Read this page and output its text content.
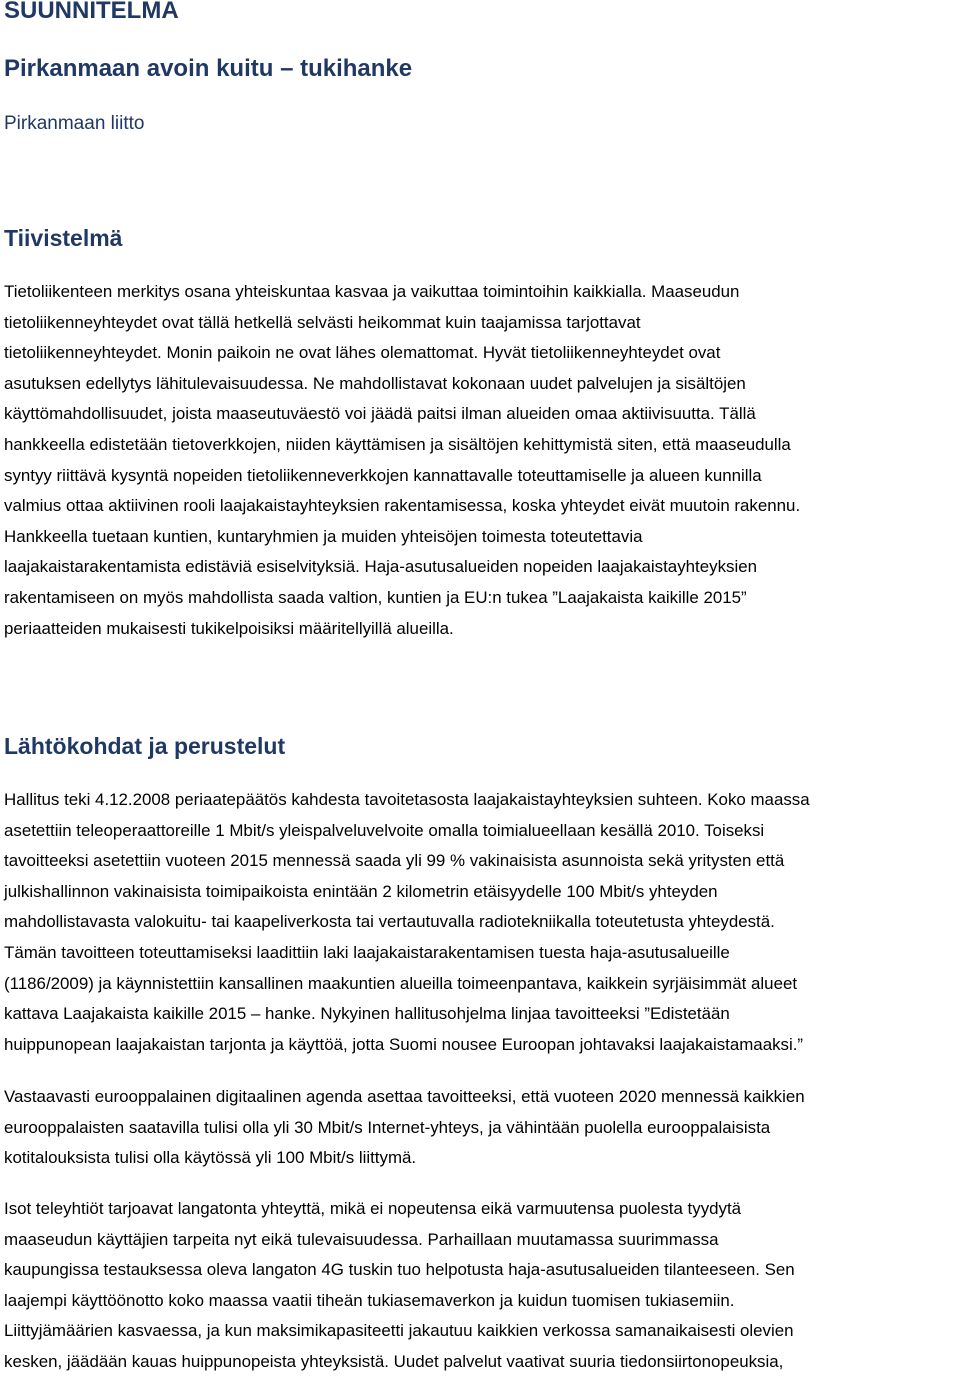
SUUNNITELMA
Pirkanmaan avoin kuitu – tukihanke
Pirkanmaan liitto
Tiivistelmä
Tietoliikenteen merkitys osana yhteiskuntaa kasvaa ja vaikuttaa toimintoihin kaikkialla. Maaseudun
tietoliikenneyhteydet ovat tällä hetkellä selvästi heikommat kuin taajamissa tarjottavat
tietoliikenneyhteydet. Monin paikoin ne ovat lähes olemattomat. Hyvät tietoliikenneyhteydet ovat
asutuksen edellytys lähitulevaisuudessa. Ne mahdollistavat kokonaan uudet palvelujen ja sisältöjen
käyttömahdollisuudet, joista maaseutuväestö voi jäädä paitsi ilman alueiden omaa aktiivisuutta. Tällä
hankkeella edistetään tietoverkkojen, niiden käyttämisen ja sisältöjen kehittymistä siten, että maaseudulla
syntyy riittävä kysyntä nopeiden tietoliikenneverkkojen kannattavalle toteuttamiselle ja alueen kunnilla
valmius ottaa aktiivinen rooli laajakaistayhteyksien rakentamisessa, koska yhteydet eivät muutoin rakennu.
Hankkeella tuetaan kuntien, kuntaryhmien ja muiden yhteisöjen toimesta toteutettavia
laajakaistarakentamista edistäviä esiselvityksiä. Haja-asutusalueiden nopeiden laajakaistayhteyksien
rakentamiseen on myös mahdollista saada valtion, kuntien ja EU:n tukea ”Laajakaista kaikille 2015”
periaatteiden mukaisesti tukikelpoisiksi määritellyillä alueilla.
Lähtökohdat ja perustelut
Hallitus teki 4.12.2008 periaatepäätös kahdesta tavoitetasosta laajakaistayhteyksien suhteen. Koko maassa
asetettiin teleoperaattoreille 1 Mbit/s yleispalveluvelvoite omalla toimialueellaan kesällä 2010. Toiseksi
tavoitteeksi asetettiin vuoteen 2015 mennessä saada yli 99 % vakinaisista asunnoista sekä yritysten että
julkishallinnon vakinaisista toimipaikoista enintään 2 kilometrin etäisyydelle 100 Mbit/s yhteyden
mahdollistavasta valokuitu- tai kaapeliverkosta tai vertautuvalla radiotekniikalla toteutetusta yhteydestä.
Tämän tavoitteen toteuttamiseksi laadittiin laki laajakaistarakentamisen tuesta haja-asutusalueille
(1186/2009) ja käynnistettiin kansallinen maakuntien alueilla toimeenpantava, kaikkein syrjäisimmät alueet
kattava Laajakaista kaikille 2015 – hanke. Nykyinen hallitusohjelma linjaa tavoitteeksi ”Edistetään
huippunopean laajakaistan tarjonta ja käyttöä, jotta Suomi nousee Euroopan johtavaksi laajakaistamaaksi.”
Vastaavasti eurooppalainen digitaalinen agenda asettaa tavoitteeksi, että vuoteen 2020 mennessä kaikkien
eurooppalaisten saatavilla tulisi olla yli 30 Mbit/s Internet-yhteys, ja vähintään puolella eurooppalaisista
kotitalouksista tulisi olla käytössä yli 100 Mbit/s liittymä.
Isot teleyhtiöt tarjoavat langatonta yhteyttä, mikä ei nopeutensa eikä varmuutensa puolesta tyydytä
maaseudun käyttäjien tarpeita nyt eikä tulevaisuudessa. Parhaillaan muutamassa suurimmassa
kaupungissa testauksessa oleva langaton 4G tuskin tuo helpotusta haja-asutusalueiden tilanteeseen. Sen
laajempi käyttöönotto koko maassa vaatii tiheän tukiasemaverkon ja kuidun tuomisen tukiasemiin.
Liittyjämäärien kasvaessa, ja kun maksimikapasiteetti jakautuu kaikkien verkossa samanaikaisesti olevien
kesken, jäädään kauas huippunopeista yhteyksistä. Uudet palvelut vaativat suuria tiedonsiirtonopeuksia,
